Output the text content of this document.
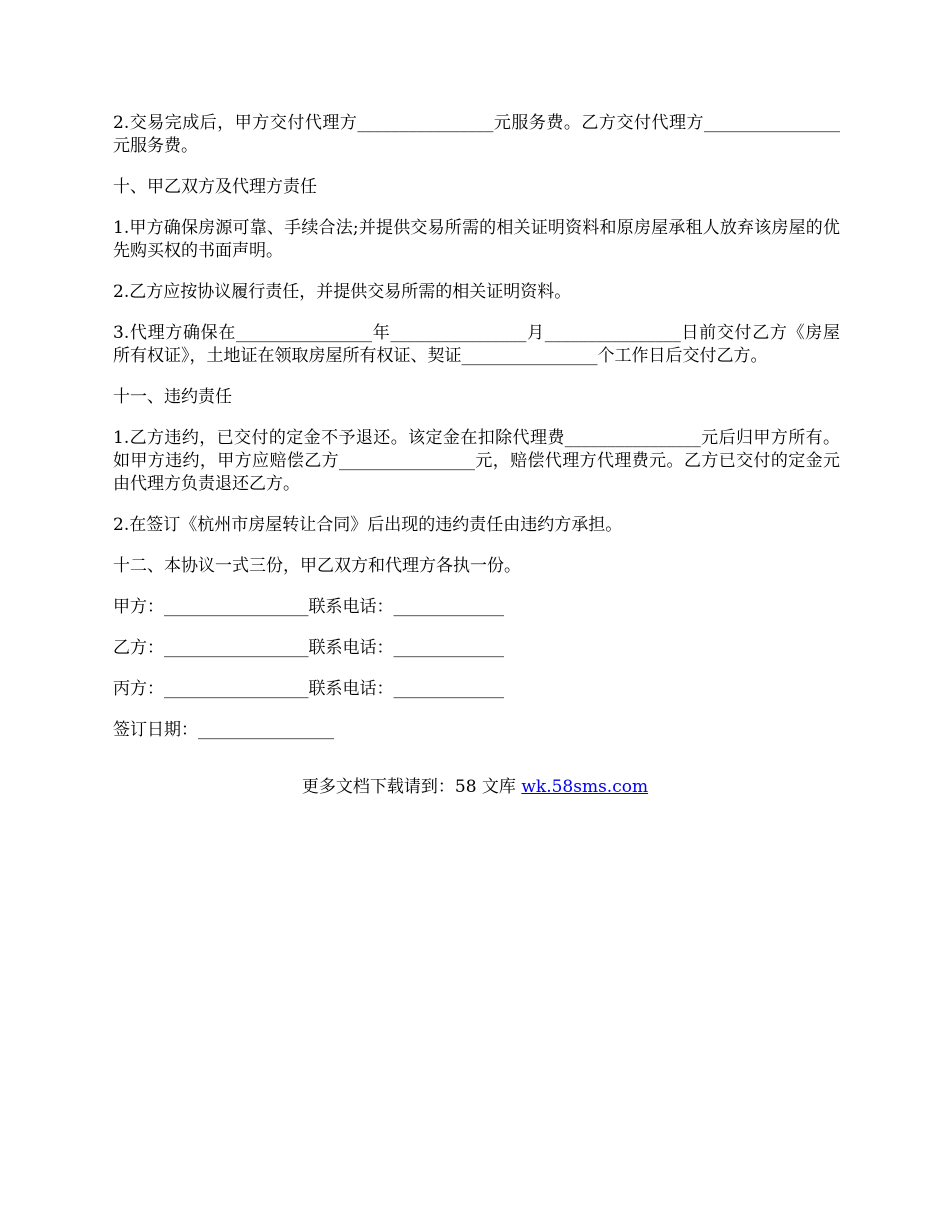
2.交易完成后，甲方交付代理方________________元服务费。乙方交付代理方________________元服务费。

十、甲乙双方及代理方责任

1.甲方确保房源可靠、手续合法;并提供交易所需的相关证明资料和原房屋承租人放弃该房屋的优先购买权的书面声明。

2.乙方应按协议履行责任，并提供交易所需的相关证明资料。

3.代理方确保在________________年________________月________________日前交付乙方《房屋所有权证》，土地证在领取房屋所有权证、契证________________个工作日后交付乙方。

十一、违约责任

1.乙方违约，已交付的定金不予退还。该定金在扣除代理费________________元后归甲方所有。如甲方违约，甲方应赔偿乙方________________元，赔偿代理方代理费元。乙方已交付的定金元由代理方负责退还乙方。

2.在签订《杭州市房屋转让合同》后出现的违约责任由违约方承担。

十二、本协议一式三份，甲乙双方和代理方各执一份。

甲方：_________________联系电话：_____________

乙方：_________________联系电话：_____________

丙方：_________________联系电话：_____________

签订日期：________________

更多文档下载请到：58 文库 wk.58sms.com
